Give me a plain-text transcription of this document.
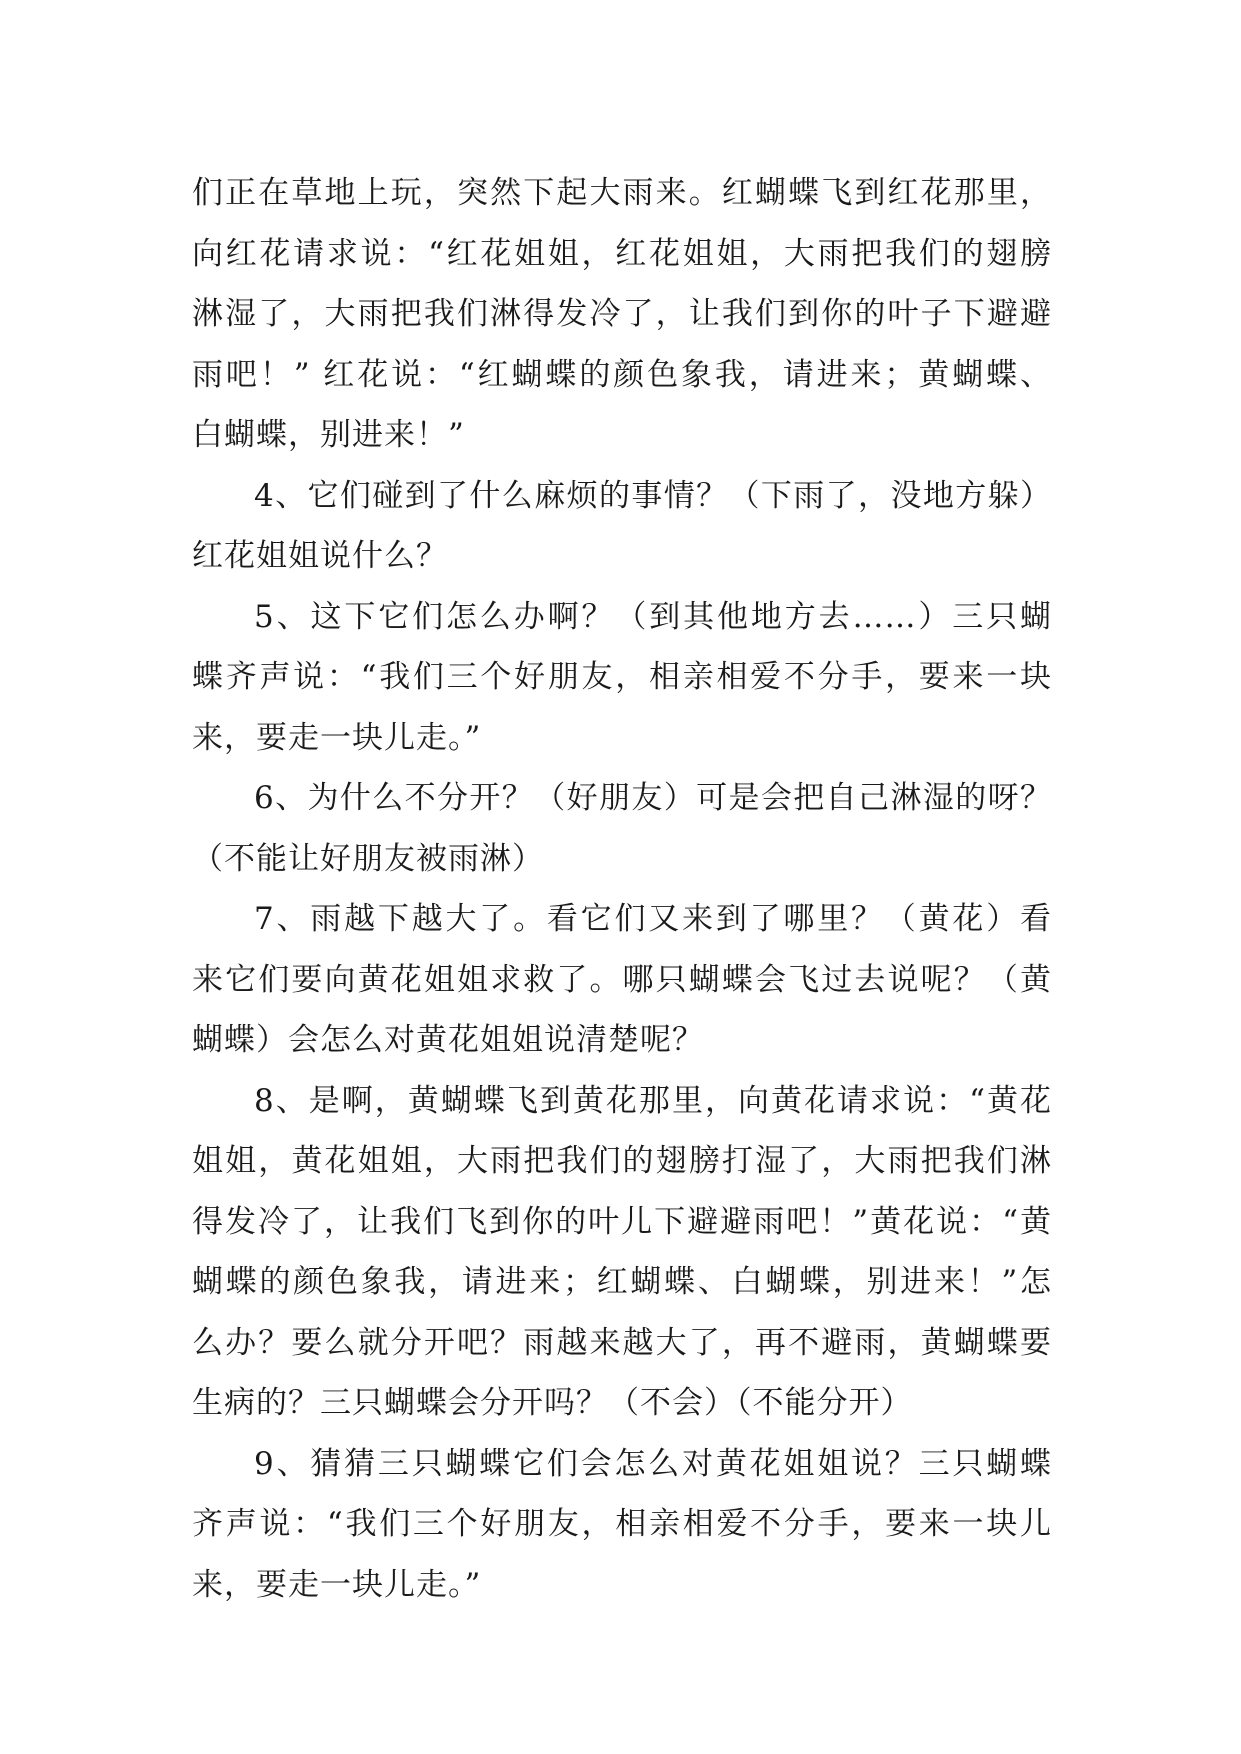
们正在草地上玩，突然下起大雨来。红蝴蝶飞到红花那里，
向红花请求说：“红花姐姐，红花姐姐，大雨把我们的翅膀
淋湿了，大雨把我们淋得发冷了，让我们到你的叶子下避避
雨吧！” 红花说：“红蝴蝶的颜色象我，请进来；黄蝴蝶、
白蝴蝶，别进来！”
4、它们碰到了什么麻烦的事情？（下雨了，没地方躲）
红花姐姐说什么？
5、这下它们怎么办啊？（到其他地方去……）三只蝴
蝶齐声说：“我们三个好朋友，相亲相爱不分手，要来一块
来，要走一块儿走。”
6、为什么不分开？（好朋友）可是会把自己淋湿的呀？
（不能让好朋友被雨淋）
7、雨越下越大了。看它们又来到了哪里？（黄花）看
来它们要向黄花姐姐求救了。哪只蝴蝶会飞过去说呢？（黄
蝴蝶）会怎么对黄花姐姐说清楚呢？
8、是啊，黄蝴蝶飞到黄花那里，向黄花请求说：“黄花
姐姐，黄花姐姐，大雨把我们的翅膀打湿了，大雨把我们淋
得发冷了，让我们飞到你的叶儿下避避雨吧！”黄花说：“黄
蝴蝶的颜色象我，请进来；红蝴蝶、白蝴蝶，别进来！”怎
么办？要么就分开吧？雨越来越大了，再不避雨，黄蝴蝶要
生病的？三只蝴蝶会分开吗？（不会）（不能分开）
9、猜猜三只蝴蝶它们会怎么对黄花姐姐说？三只蝴蝶
齐声说：“我们三个好朋友，相亲相爱不分手，要来一块儿
来，要走一块儿走。”
